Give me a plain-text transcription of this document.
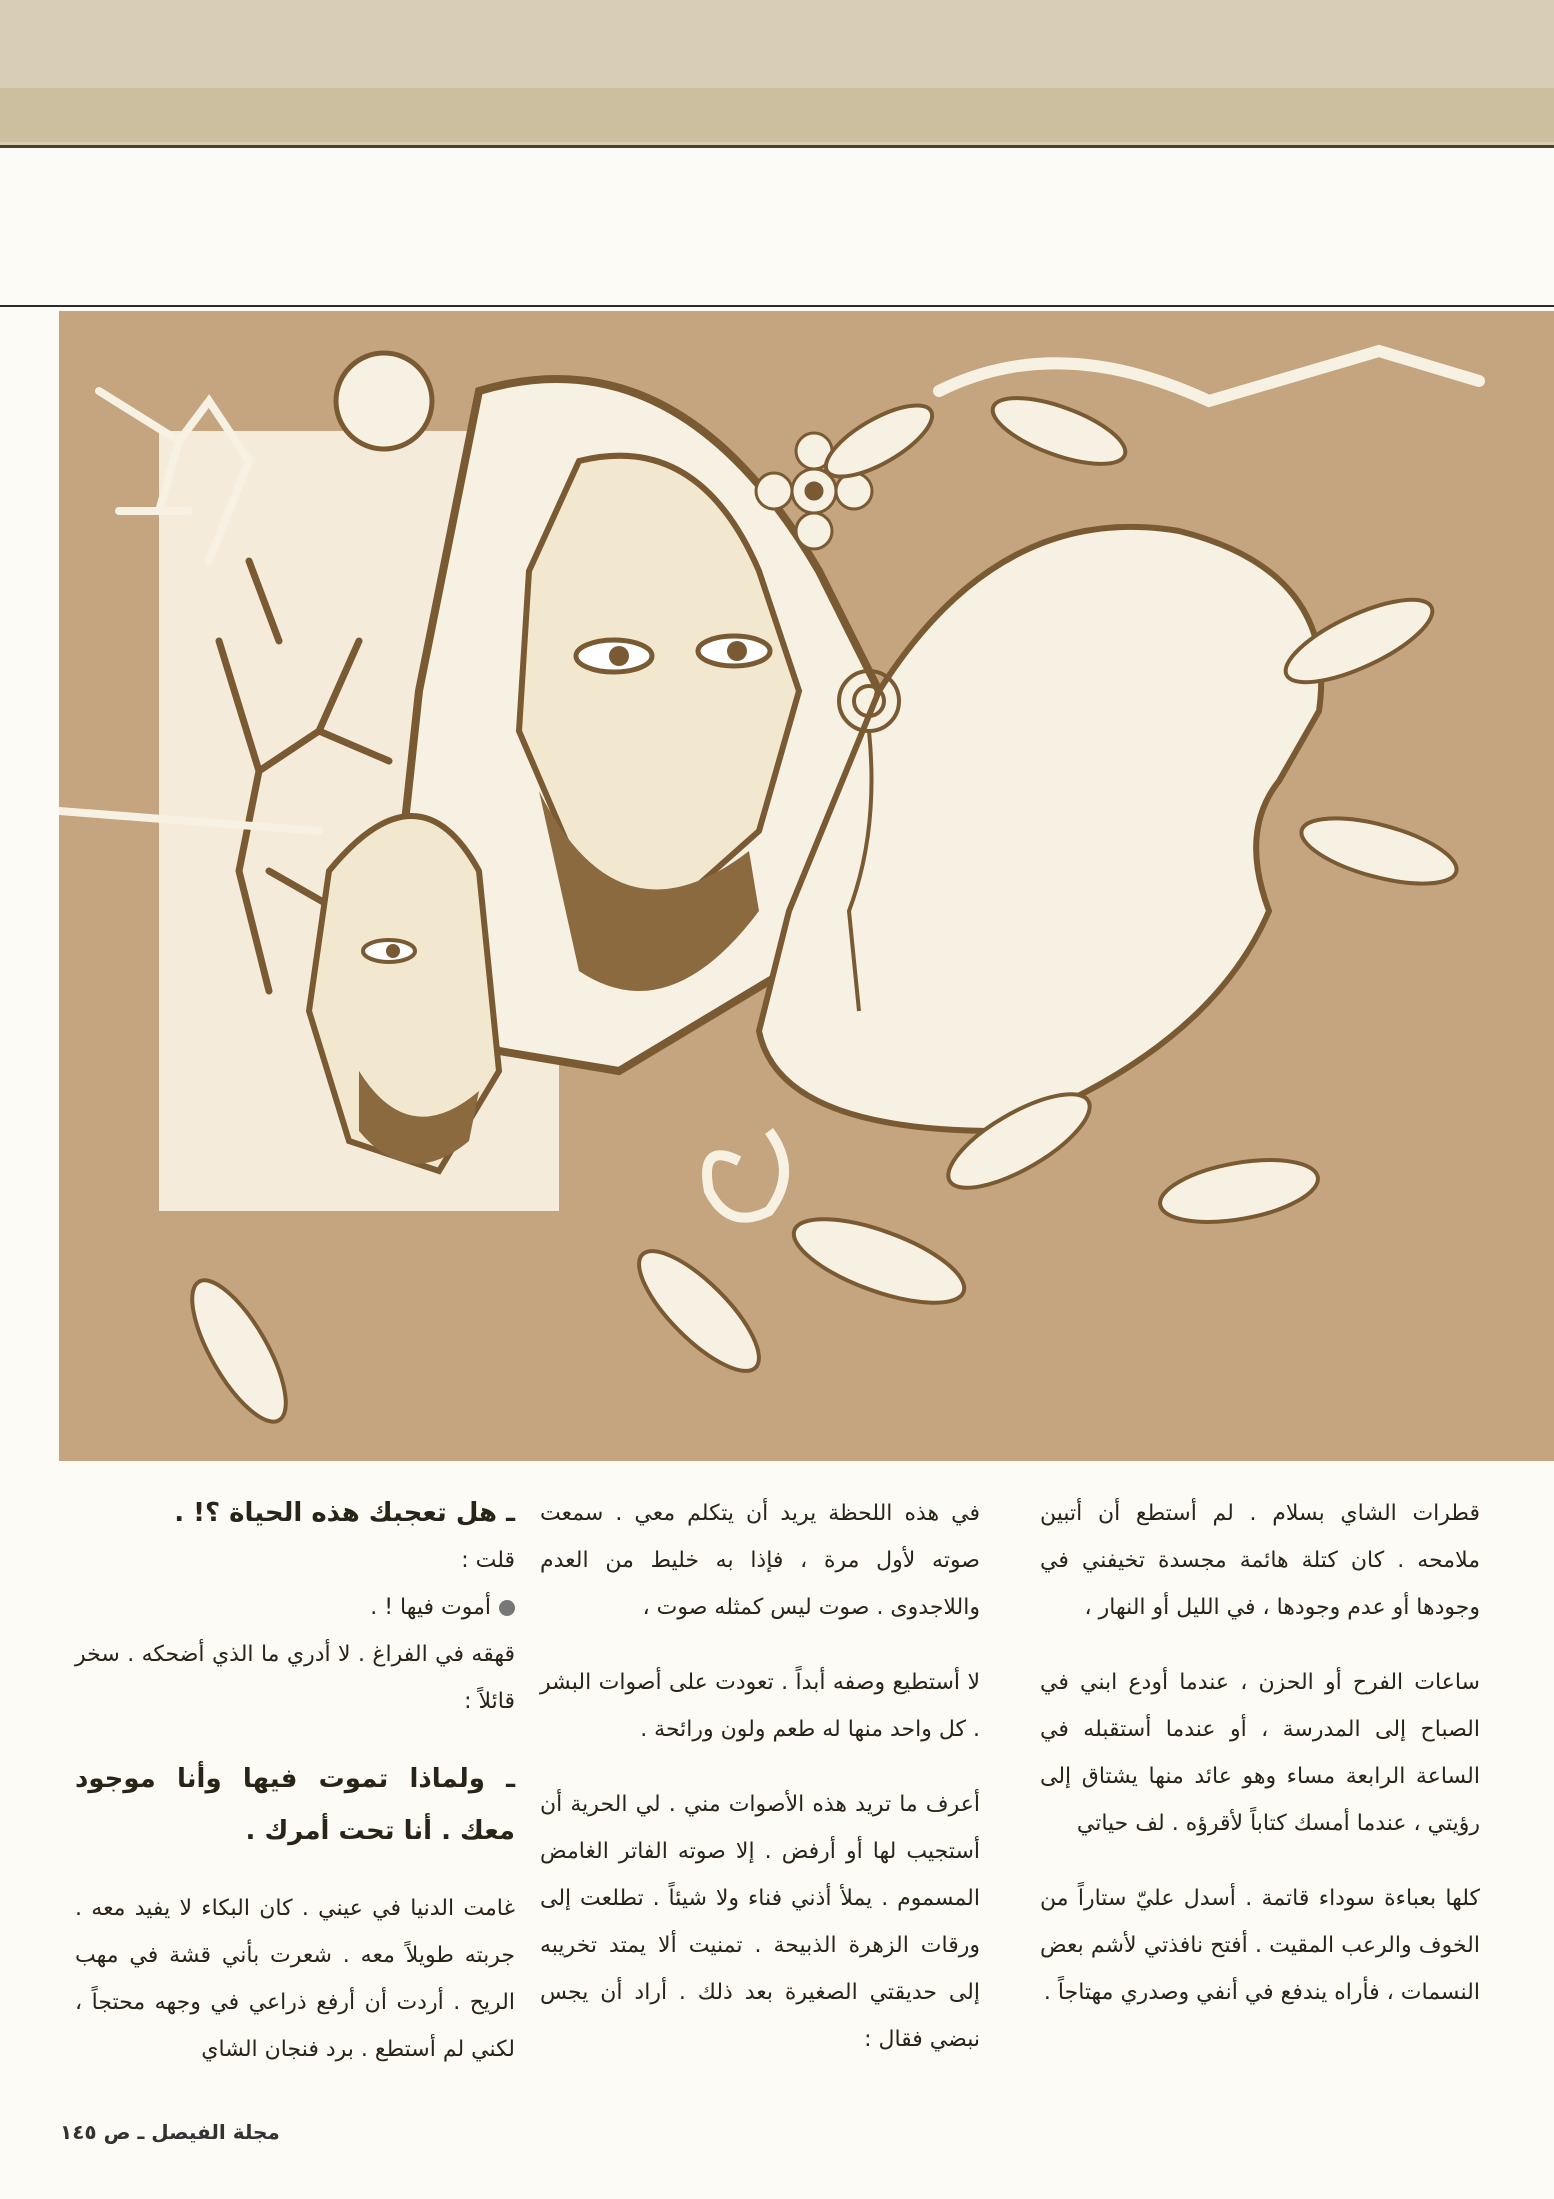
قطرات الشاي بسلام . لم أستطع أن أتبين ملامحه . كان كتلة هائمة مجسدة تخيفني في وجودها أو عدم وجودها ، في الليل أو النهار ،

ساعات الفرح أو الحزن ، عندما أودع ابني في الصباح إلى المدرسة ، أو عندما أستقبله في الساعة الرابعة مساء وهو عائد منها يشتاق إلى رؤيتي ، عندما أمسك كتاباً لأقرؤه . لف حياتي

كلها بعباءة سوداء قاتمة . أسدل عليّ ستاراً من الخوف والرعب المقيت . أفتح نافذتي لأشم بعض النسمات ، فأراه يندفع في أنفي وصدري مهتاجاً .

في هذه اللحظة يريد أن يتكلم معي . سمعت صوته لأول مرة ، فإذا به خليط من العدم واللاجدوى . صوت ليس كمثله صوت ،

لا أستطيع وصفه أبداً . تعودت على أصوات البشر . كل واحد منها له طعم ولون ورائحة .

أعرف ما تريد هذه الأصوات مني . لي الحرية أن أستجيب لها أو أرفض . إلا صوته الفاتر الغامض المسموم . يملأ أذني فناء ولا شيئاً . تطلعت إلى ورقات الزهرة الذبيحة . تمنيت ألا يمتد تخريبه إلى حديقتي الصغيرة بعد ذلك . أراد أن يجس نبضي فقال :

ـ هل تعجبك هذه الحياة ؟! .
قلت :
أموت فيها ! .

قهقه في الفراغ . لا أدري ما الذي أضحكه . سخر قائلاً :

ـ ولماذا تموت فيها وأنا موجود معك . أنا تحت أمرك .

غامت الدنيا في عيني . كان البكاء لا يفيد معه . جربته طويلاً معه . شعرت بأني قشة في مهب الريح . أردت أن أرفع ذراعي في وجهه محتجاً ، لكني لم أستطع . برد فنجان الشاي

مجلة الفيصل ـ ص ١٤٥
